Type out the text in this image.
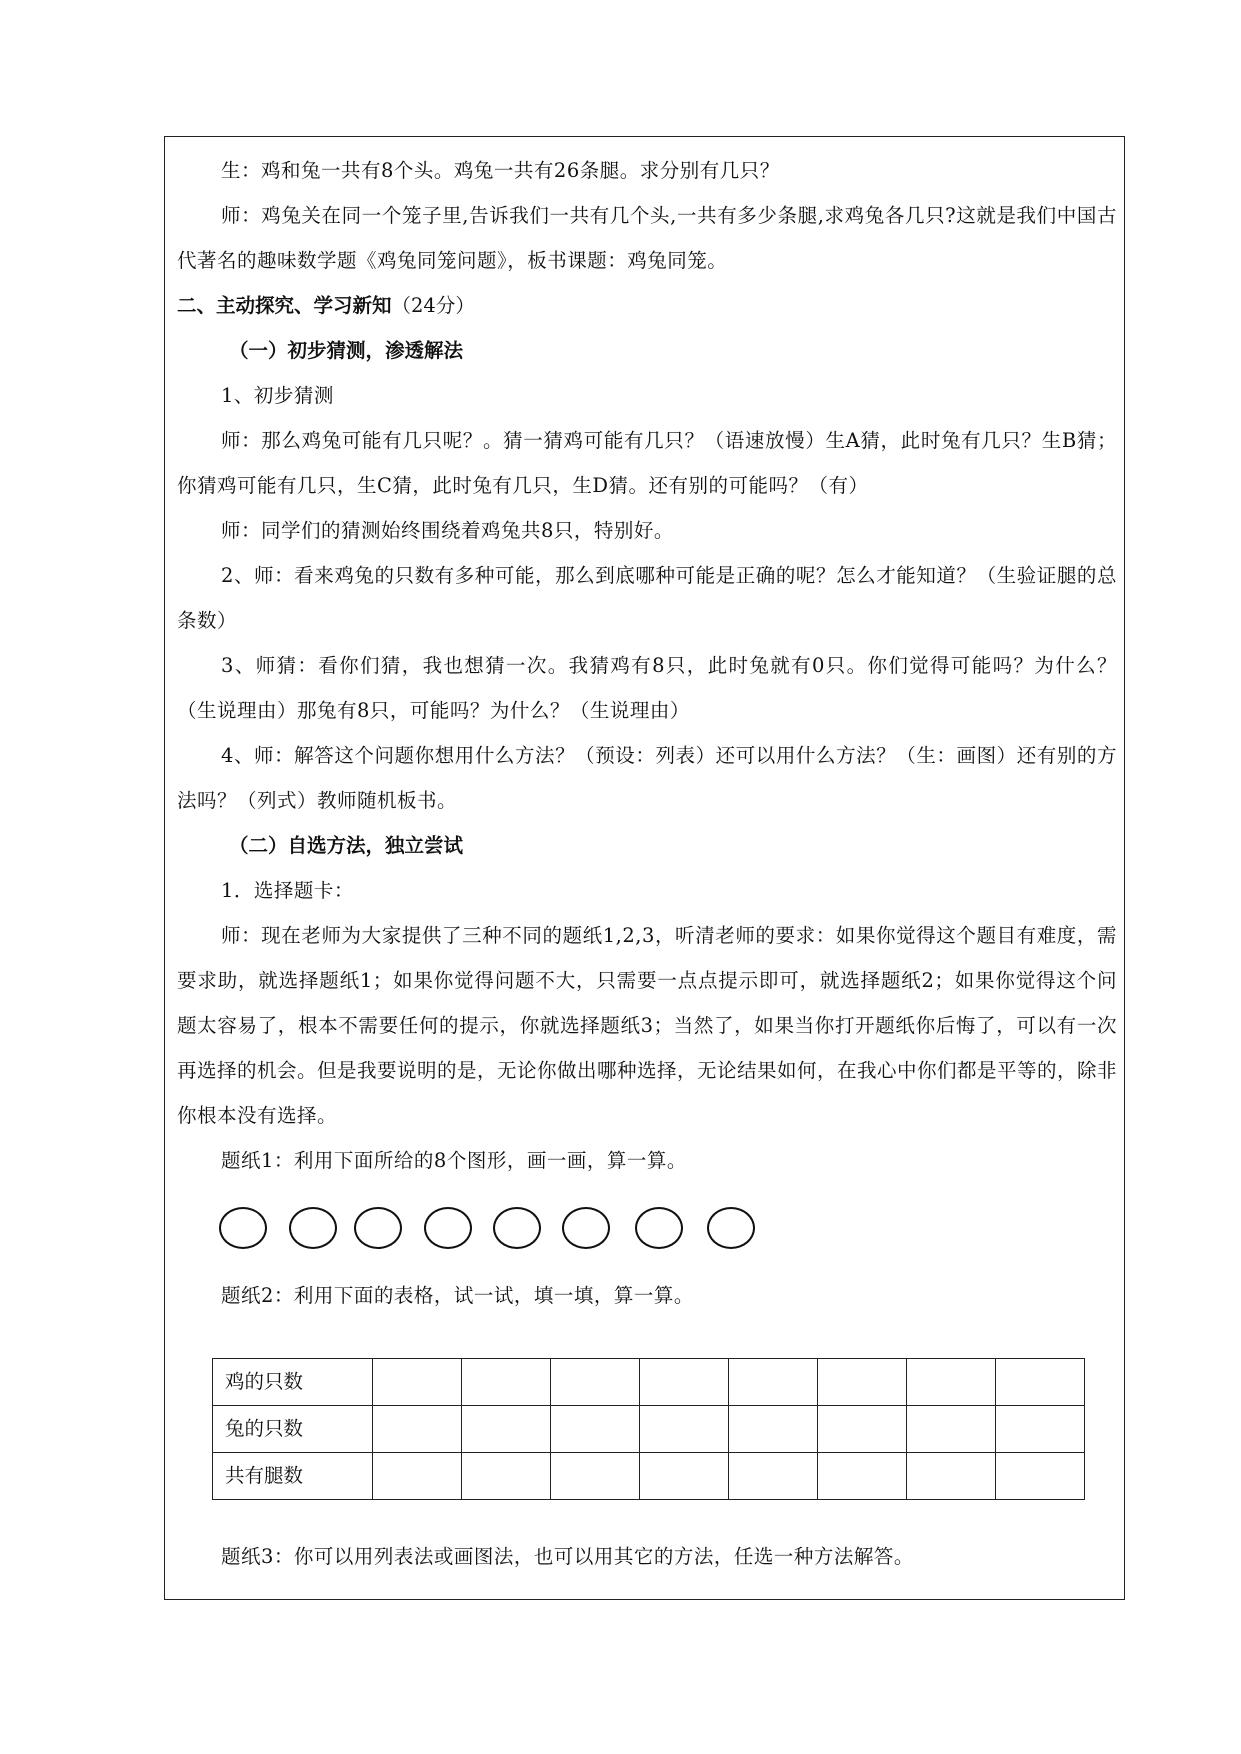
生：鸡和兔一共有8个头。鸡兔一共有26条腿。求分别有几只？

师：鸡兔关在同一个笼子里,告诉我们一共有几个头,一共有多少条腿,求鸡兔各几只?这就是我们中国古代著名的趣味数学题《鸡兔同笼问题》，板书课题：鸡兔同笼。

二、主动探究、学习新知（24分）

（一）初步猜测，渗透解法

1、初步猜测

师：那么鸡兔可能有几只呢？。猜一猜鸡可能有几只？（语速放慢）生A猜，此时兔有几只？生B猜；你猜鸡可能有几只，生C猜，此时兔有几只，生D猜。还有别的可能吗？（有）

师：同学们的猜测始终围绕着鸡兔共8只，特别好。

2、师：看来鸡兔的只数有多种可能，那么到底哪种可能是正确的呢？怎么才能知道？（生验证腿的总条数）

3、师猜：看你们猜，我也想猜一次。我猜鸡有8只，此时兔就有0只。你们觉得可能吗？为什么？（生说理由）那兔有8只，可能吗？为什么？（生说理由）

4、师：解答这个问题你想用什么方法？（预设：列表）还可以用什么方法？（生：画图）还有别的方法吗？（列式）教师随机板书。

（二）自选方法，独立尝试

1．选择题卡：

师：现在老师为大家提供了三种不同的题纸1,2,3，听清老师的要求：如果你觉得这个题目有难度，需要求助，就选择题纸1；如果你觉得问题不大，只需要一点点提示即可，就选择题纸2；如果你觉得这个问题太容易了，根本不需要任何的提示，你就选择题纸3；当然了，如果当你打开题纸你后悔了，可以有一次再选择的机会。但是我要说明的是，无论你做出哪种选择，无论结果如何，在我心中你们都是平等的，除非你根本没有选择。

题纸1：利用下面所给的8个图形，画一画，算一算。

题纸2：利用下面的表格，试一试，填一填，算一算。

鸡的只数								
兔的只数								
共有腿数								

题纸3：你可以用列表法或画图法，也可以用其它的方法，任选一种方法解答。
